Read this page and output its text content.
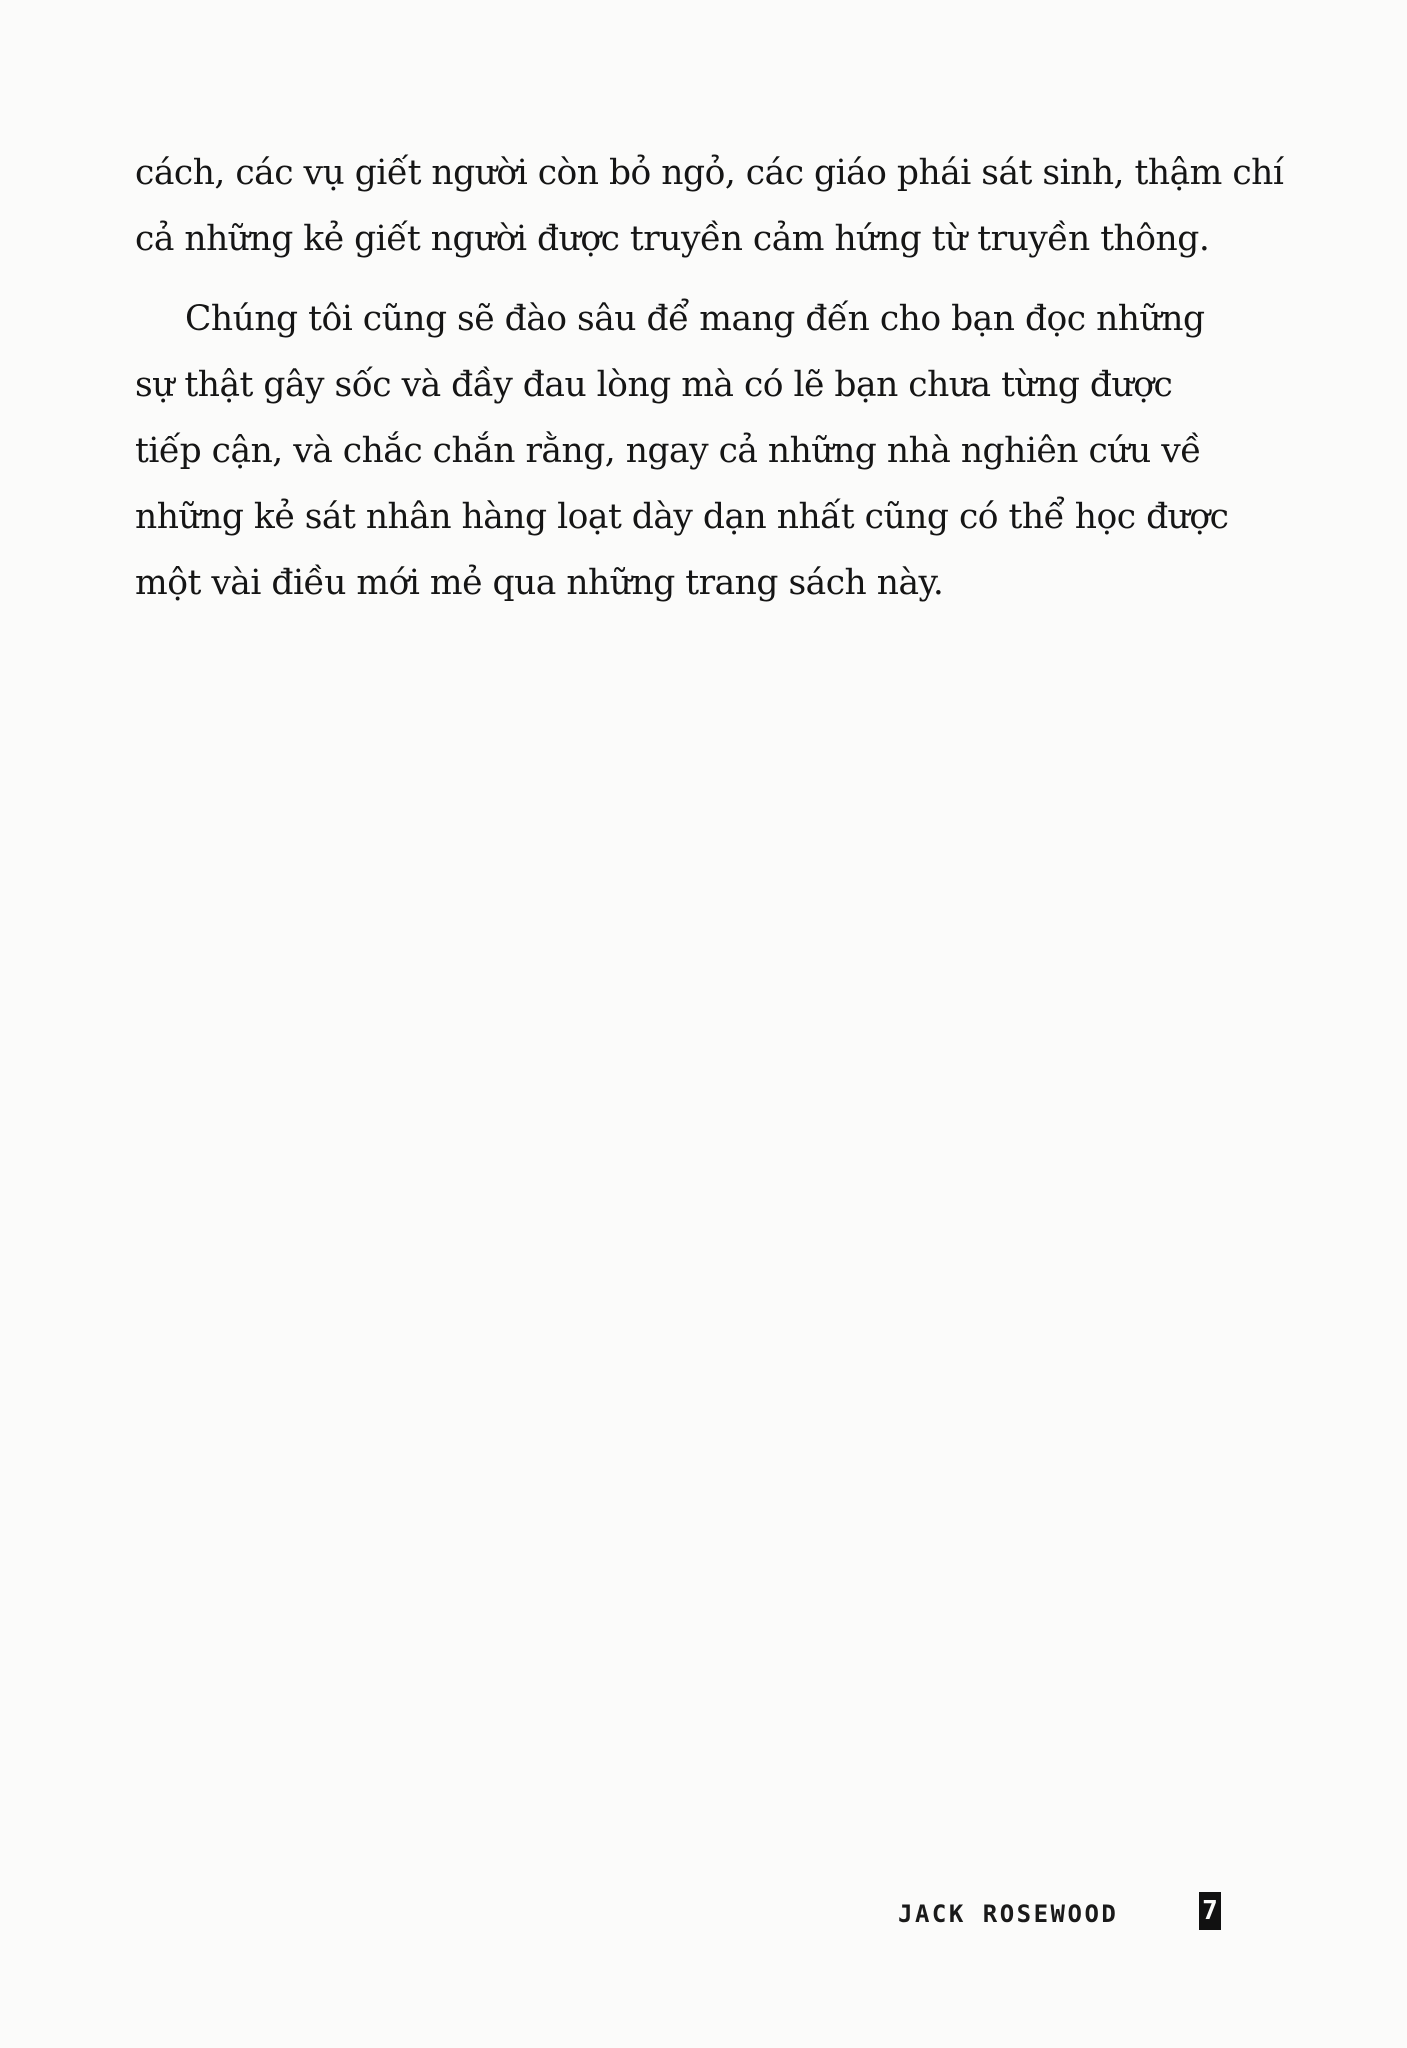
cách, các vụ giết người còn bỏ ngỏ, các giáo phái sát sinh, thậm chí
cả những kẻ giết người được truyền cảm hứng từ truyền thông.

Chúng tôi cũng sẽ đào sâu để mang đến cho bạn đọc những
sự thật gây sốc và đầy đau lòng mà có lẽ bạn chưa từng được
tiếp cận, và chắc chắn rằng, ngay cả những nhà nghiên cứu về
những kẻ sát nhân hàng loạt dày dạn nhất cũng có thể học được
một vài điều mới mẻ qua những trang sách này.

JACK ROSEWOOD	7
